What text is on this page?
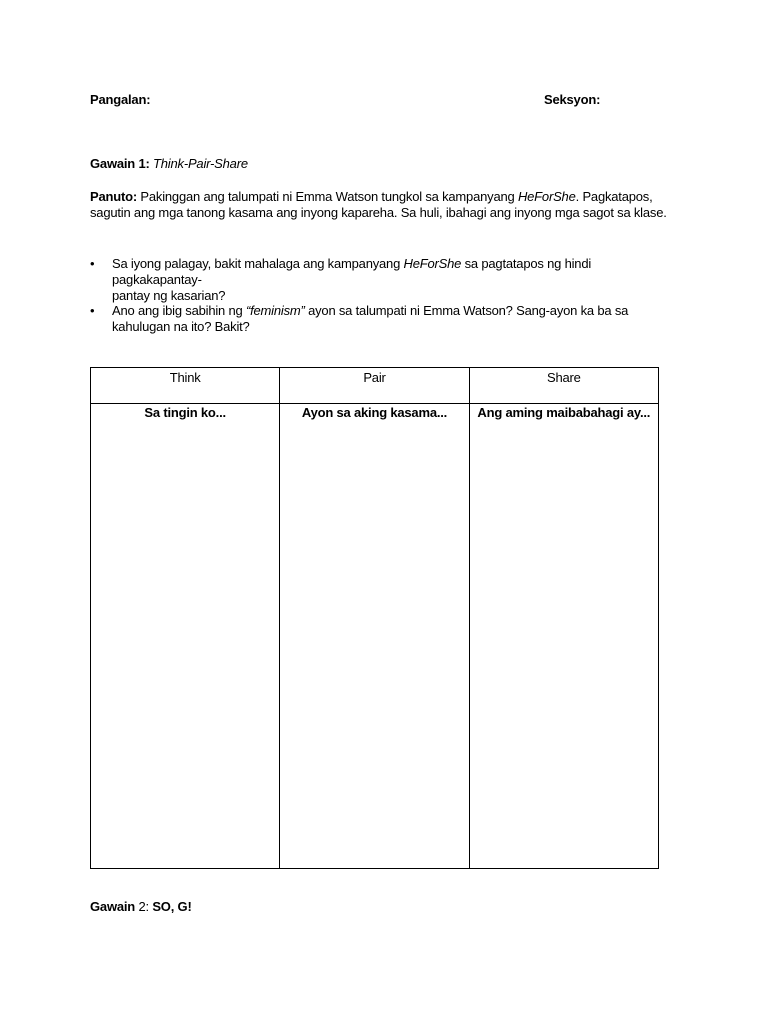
Pangalan:	Seksyon:
Gawain 1: Think-Pair-Share
Panuto: Pakinggan ang talumpati ni Emma Watson tungkol sa kampanyang HeForShe. Pagkatapos,
sagutin ang mga tanong kasama ang inyong kapareha. Sa huli, ibahagi ang inyong mga sagot sa klase.
• Sa iyong palagay, bakit mahalaga ang kampanyang HeForShe sa pagtatapos ng hindi pagkakapantay-
pantay ng kasarian?
• Ano ang ibig sabihin ng “feminism” ayon sa talumpati ni Emma Watson? Sang-ayon ka ba sa
kahulugan na ito? Bakit?
Think	Pair	Share
Sa tingin ko...	Ayon sa aking kasama...	Ang aming maibabahagi ay...
Gawain 2: SO, G!
